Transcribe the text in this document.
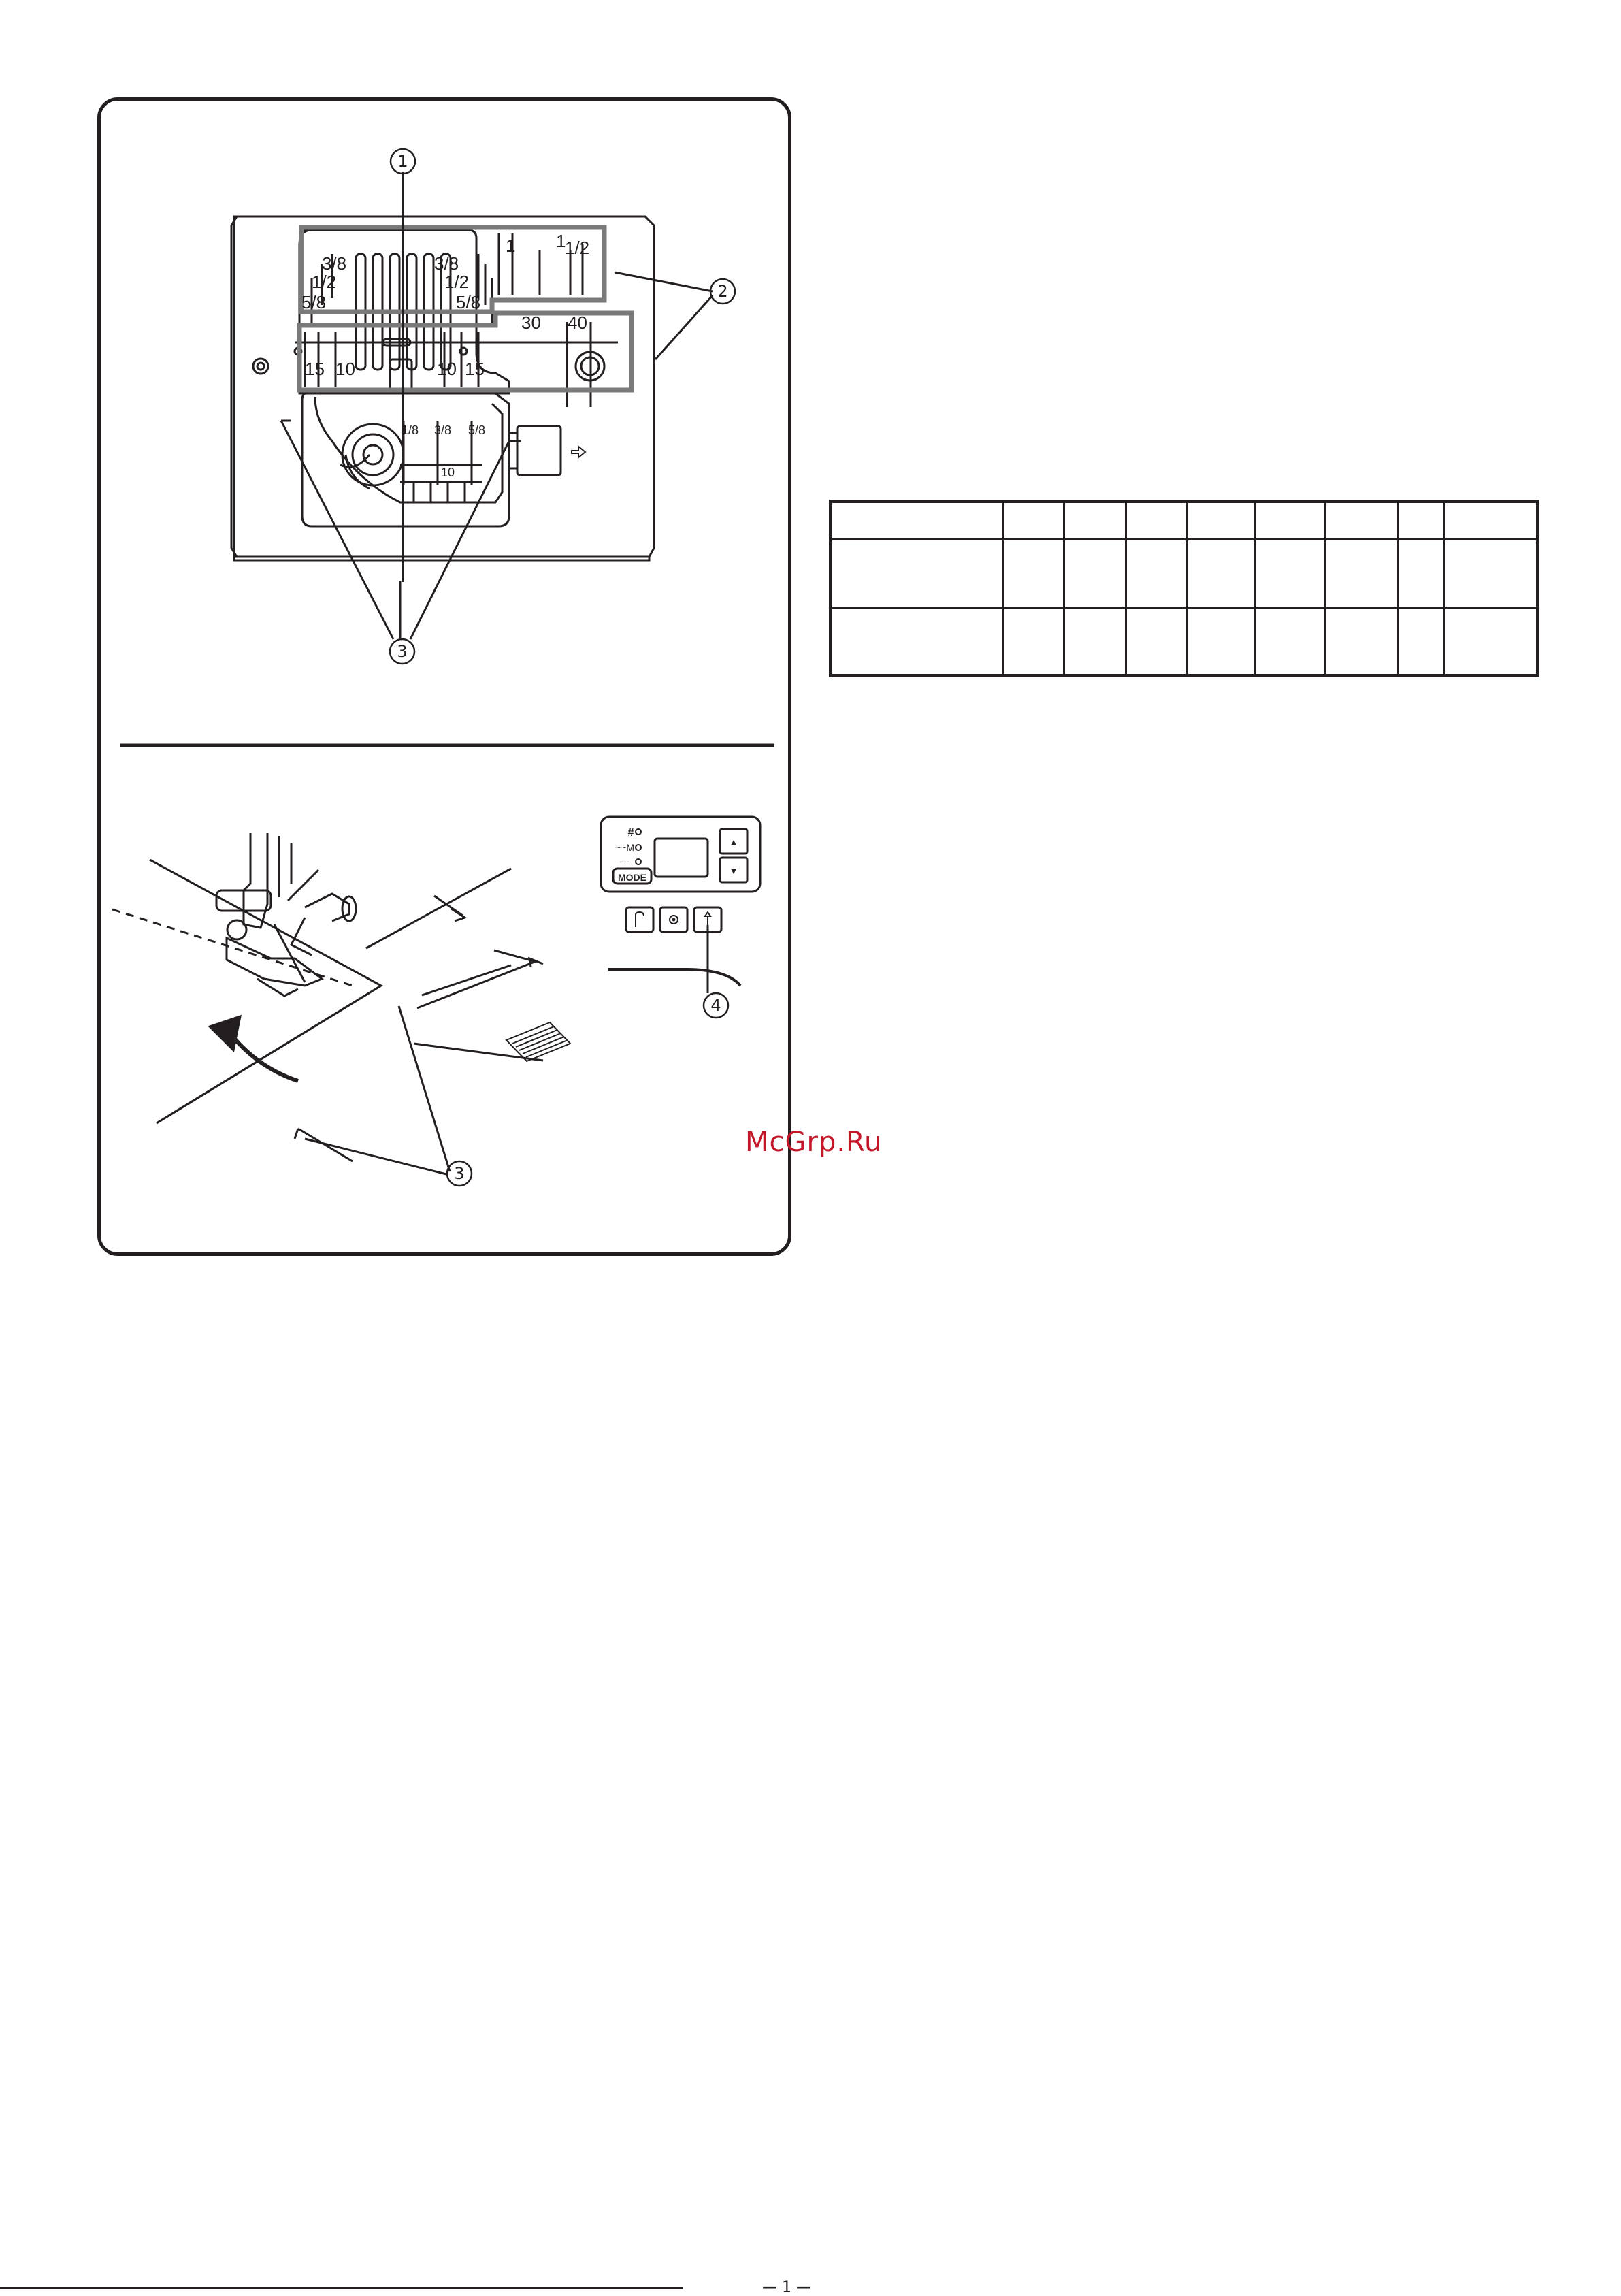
3/8
1/2
5/8
3/8
1/2
5/8
1 1
1/2
30 40
15 10	10 15
1/8 3/8 5/8
10
1
2
3
3
4
MODE
#
~~M
---
▲
▼

McGrp.Ru
— 1 —
